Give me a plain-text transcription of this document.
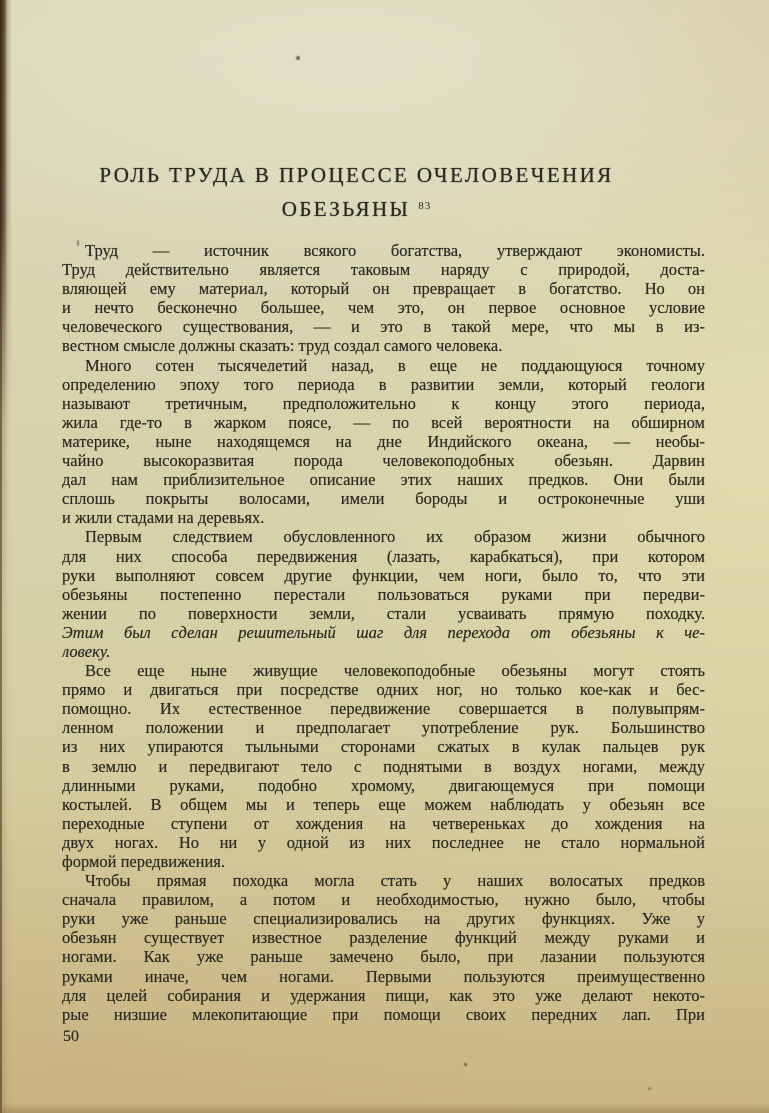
РОЛЬ ТРУДА В ПРОЦЕССЕ ОЧЕЛОВЕЧЕНИЯ
ОБЕЗЬЯНЫ $^{83}$
Труд — источник всякого богатства, утверждают экономисты.
Труд действительно является таковым наряду с природой, доста-
вляющей ему материал, который он превращает в богатство. Но он
и нечто бесконечно большее, чем это, он первое основное условие
человеческого существования, — и это в такой мере, что мы в из-
вестном смысле должны сказать: труд создал самого человека.
Много сотен тысячелетий назад, в еще не поддающуюся точному
определению эпоху того периода в развитии земли, который геологи
называют третичным, предположительно к концу этого периода,
жила где-то в жарком поясе, — по всей вероятности на обширном
материке, ныне находящемся на дне Индийского океана, — необы-
чайно высокоразвитая порода человекоподобных обезьян. Дарвин
дал нам приблизительное описание этих наших предков. Они были
сплошь покрыты волосами, имели бороды и остроконечные уши
и жили стадами на деревьях.
Первым следствием обусловленного их образом жизни обычного
для них способа передвижения (лазать, карабкаться), при котором
руки выполняют совсем другие функции, чем ноги, было то, что эти
обезьяны постепенно перестали пользоваться руками при передви-
жении по поверхности земли, стали усваивать прямую походку.
Этим был сделан решительный шаг для перехода от обезьяны к че-
ловеку.
Все еще ныне живущие человекоподобные обезьяны могут стоять
прямо и двигаться при посредстве одних ног, но только кое-как и бес-
помощно. Их естественное передвижение совершается в полувыпрям-
ленном положении и предполагает употребление рук. Большинство
из них упираются тыльными сторонами сжатых в кулак пальцев рук
в землю и передвигают тело с поднятыми в воздух ногами, между
длинными руками, подобно хромому, двигающемуся при помощи
костылей. В общем мы и теперь еще можем наблюдать у обезьян все
переходные ступени от хождения на четвереньках до хождения на
двух ногах. Но ни у одной из них последнее не стало нормальной
формой передвижения.
Чтобы прямая походка могла стать у наших волосатых предков
сначала правилом, а потом и необходимостью, нужно было, чтобы
руки уже раньше специализировались на других функциях. Уже у
обезьян существует известное разделение функций между руками и
ногами. Как уже раньше замечено было, при лазании пользуются
руками иначе, чем ногами. Первыми пользуются преимущественно
для целей собирания и удержания пищи, как это уже делают некото-
рые низшие млекопитающие при помощи своих передних лап. При
50
